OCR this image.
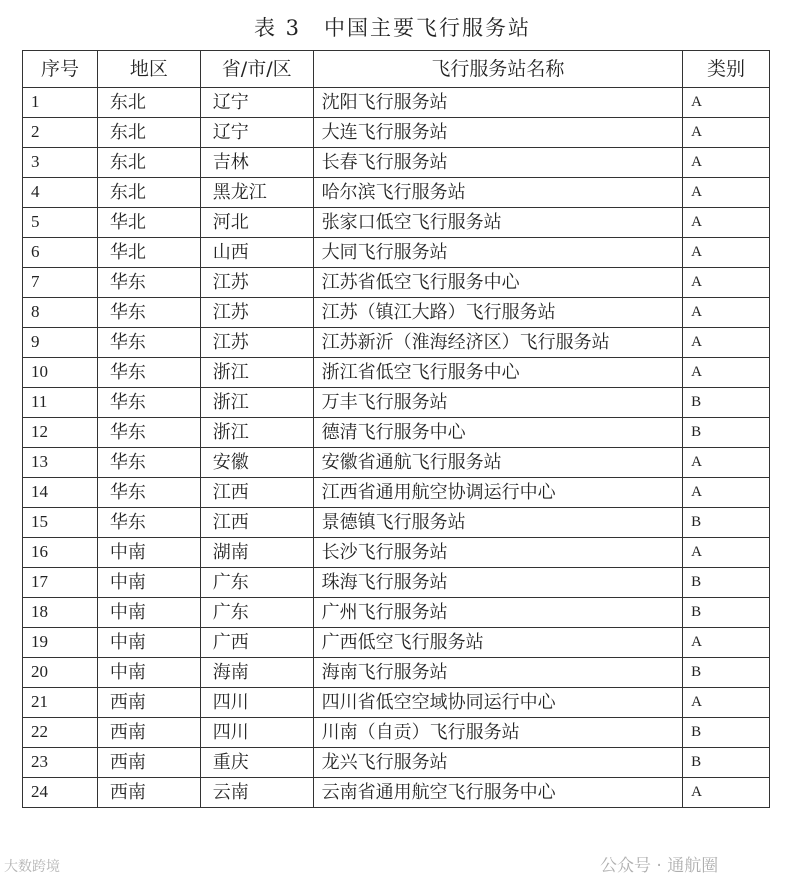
表 3　中国主要飞行服务站
序号	地区	省/市/区	飞行服务站名称	类别
1	东北	辽宁	沈阳飞行服务站	A
2	东北	辽宁	大连飞行服务站	A
3	东北	吉林	长春飞行服务站	A
4	东北	黑龙江	哈尔滨飞行服务站	A
5	华北	河北	张家口低空飞行服务站	A
6	华北	山西	大同飞行服务站	A
7	华东	江苏	江苏省低空飞行服务中心	A
8	华东	江苏	江苏（镇江大路）飞行服务站	A
9	华东	江苏	江苏新沂（淮海经济区）飞行服务站	A
10	华东	浙江	浙江省低空飞行服务中心	A
11	华东	浙江	万丰飞行服务站	B
12	华东	浙江	德清飞行服务中心	B
13	华东	安徽	安徽省通航飞行服务站	A
14	华东	江西	江西省通用航空协调运行中心	A
15	华东	江西	景德镇飞行服务站	B
16	中南	湖南	长沙飞行服务站	A
17	中南	广东	珠海飞行服务站	B
18	中南	广东	广州飞行服务站	B
19	中南	广西	广西低空飞行服务站	A
20	中南	海南	海南飞行服务站	B
21	西南	四川	四川省低空空域协同运行中心	A
22	西南	四川	川南（自贡）飞行服务站	B
23	西南	重庆	龙兴飞行服务站	B
24	西南	云南	云南省通用航空飞行服务中心	A
大数跨境	公众号 · 通航圈
